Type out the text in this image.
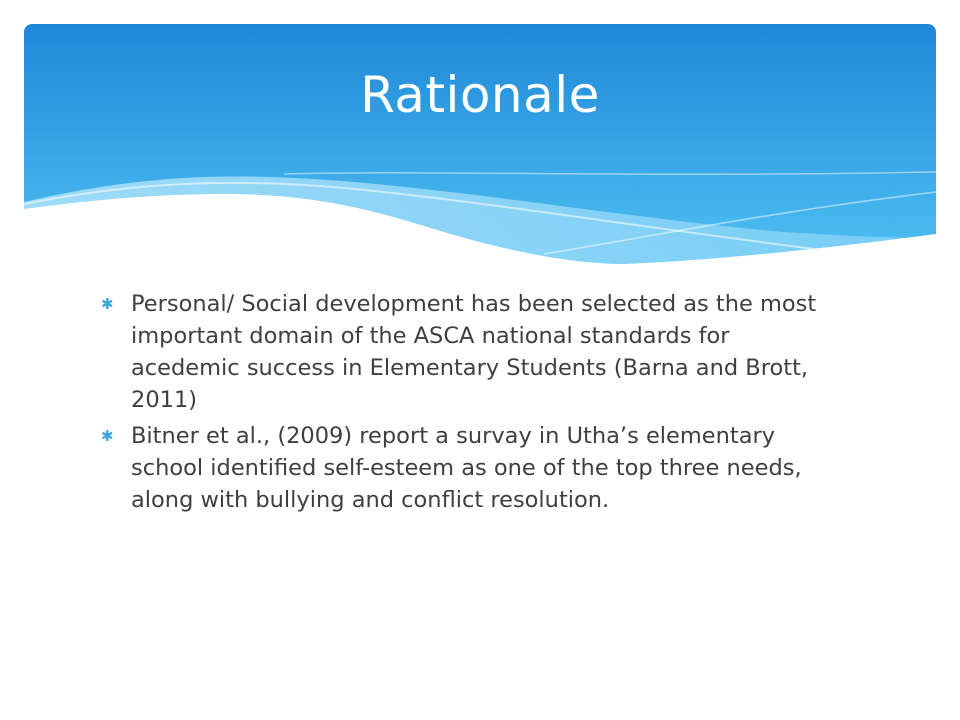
Rationale
✱ Personal/ Social development has been selected as the most important domain of the ASCA national standards for acedemic success in Elementary Students (Barna and Brott, 2011)
✱ Bitner et al., (2009) report a survay in Utha’s elementary school identified self-esteem as one of the top three needs, along with bullying and conflict resolution.
